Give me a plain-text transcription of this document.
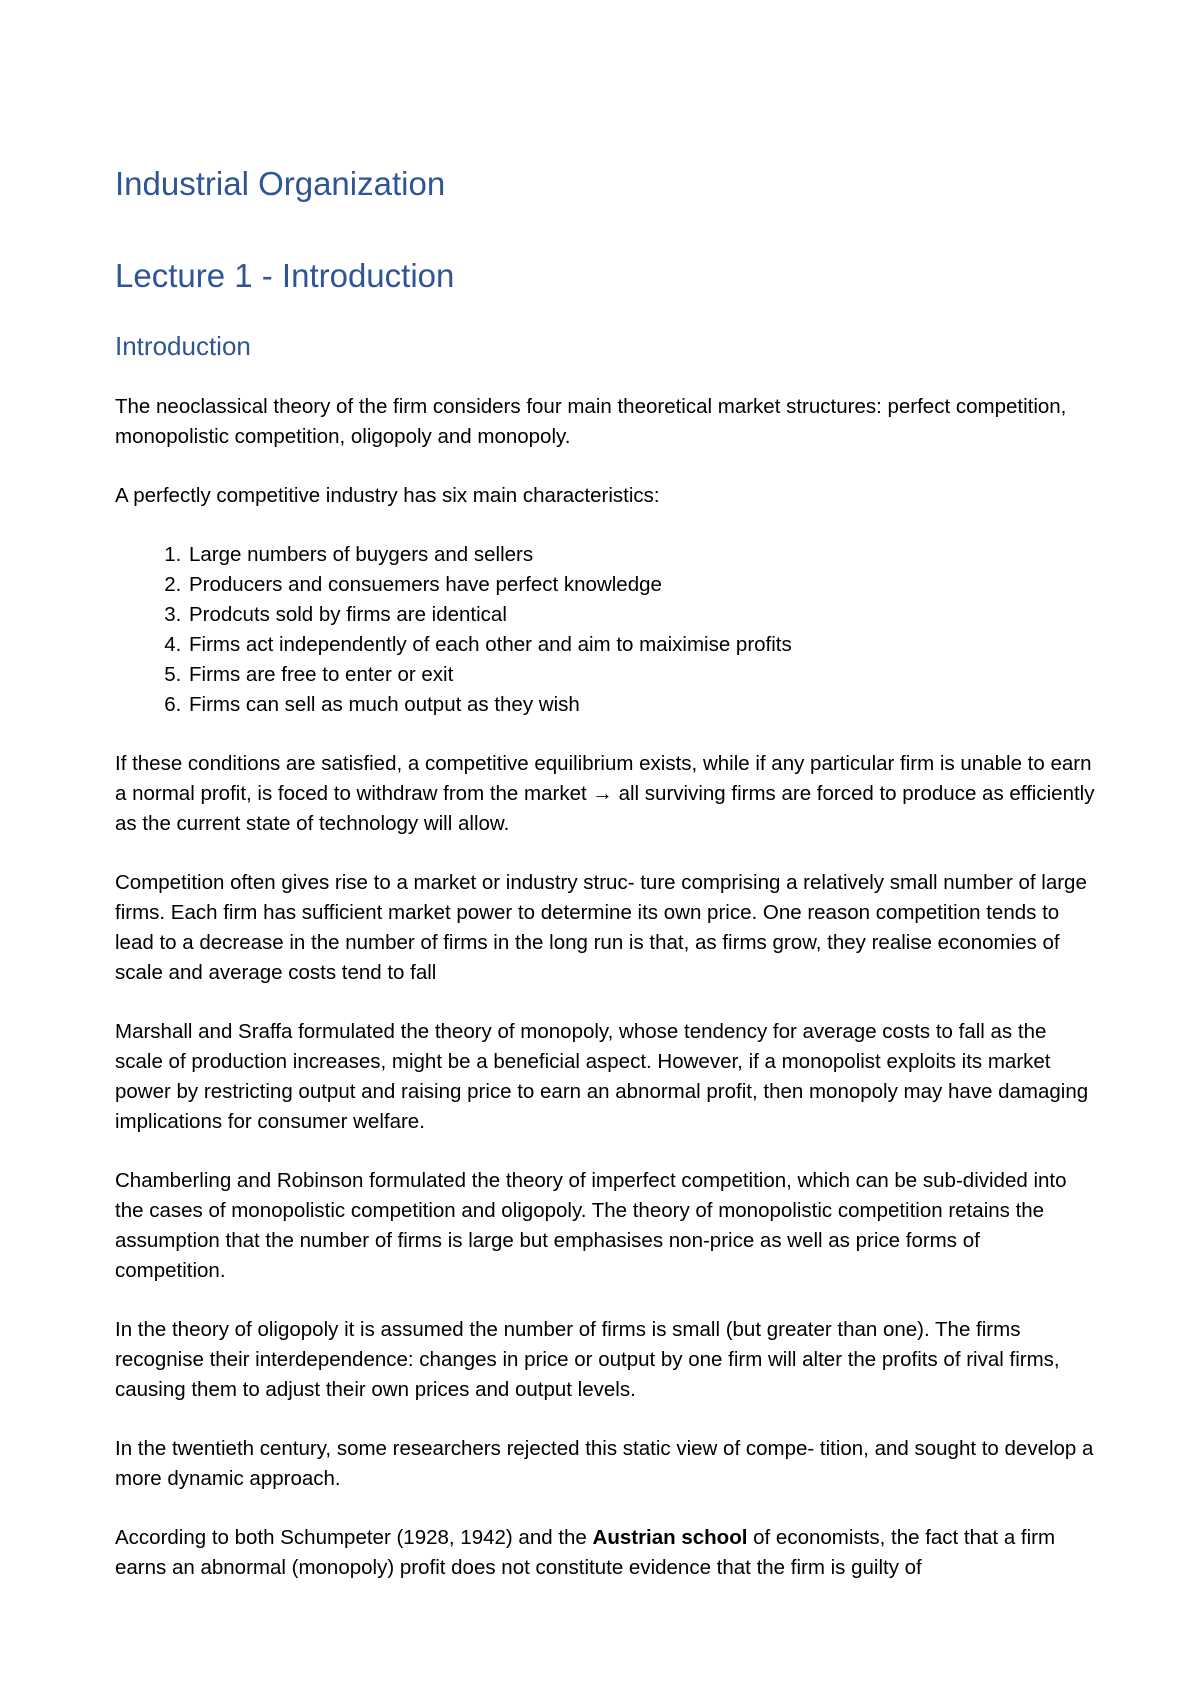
Industrial Organization
Lecture 1 - Introduction
Introduction

The neoclassical theory of the firm considers four main theoretical market structures: perfect competition, monopolistic competition, oligopoly and monopoly.

A perfectly competitive industry has six main characteristics:

1. Large numbers of buygers and sellers
2. Producers and consuemers have perfect knowledge
3. Prodcuts sold by firms are identical
4. Firms act independently of each other and aim to maiximise profits
5. Firms are free to enter or exit
6. Firms can sell as much output as they wish

If these conditions are satisfied, a competitive equilibrium exists, while if any particular firm is unable to earn a normal profit, is foced to withdraw from the market → all surviving firms are forced to produce as efficiently as the current state of technology will allow.

Competition often gives rise to a market or industry struc- ture comprising a relatively small number of large firms. Each firm has sufficient market power to determine its own price. One reason competition tends to lead to a decrease in the number of firms in the long run is that, as firms grow, they realise economies of scale and average costs tend to fall

Marshall and Sraffa formulated the theory of monopoly, whose tendency for average costs to fall as the scale of production increases, might be a beneficial aspect. However, if a monopolist exploits its market power by restricting output and raising price to earn an abnormal profit, then monopoly may have damaging implications for consumer welfare.

Chamberling and Robinson formulated the theory of imperfect competition, which can be sub-divided into the cases of monopolistic competition and oligopoly. The theory of monopolistic competition retains the assumption that the number of firms is large but emphasises non-price as well as price forms of competition.

In the theory of oligopoly it is assumed the number of firms is small (but greater than one). The firms recognise their interdependence: changes in price or output by one firm will alter the profits of rival firms, causing them to adjust their own prices and output levels.

In the twentieth century, some researchers rejected this static view of compe- tition, and sought to develop a more dynamic approach.

According to both Schumpeter (1928, 1942) and the Austrian school of economists, the fact that a firm earns an abnormal (monopoly) profit does not constitute evidence that the firm is guilty of
